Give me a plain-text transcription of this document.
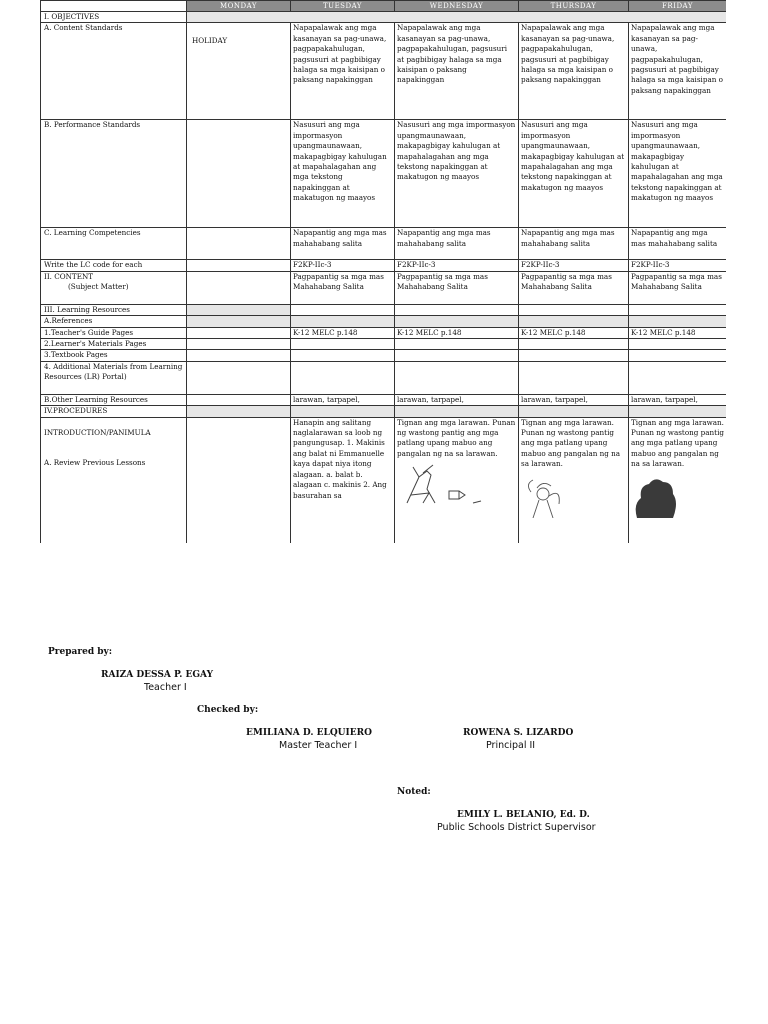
	MONDAY	TUESDAY	WEDNESDAY	THURSDAY	FRIDAY
I. OBJECTIVES					
A. Content Standards	HOLIDAY	Napapalawak ang mga kasanayan sa pag-unawa, pagpapakahulugan, pagsusuri at pagbibigay halaga sa mga kaisipan o paksang napakinggan	Napapalawak ang mga kasanayan sa pag-unawa, pagpapakahulugan, pagsusuri at pagbibigay halaga sa mga kaisipan o paksang napakinggan	Napapalawak ang mga kasanayan sa pag-unawa, pagpapakahulugan, pagsusuri at pagbibigay halaga sa mga kaisipan o paksang napakinggan	Napapalawak ang mga kasanayan sa pag-unawa, pagpapakahulugan, pagsusuri at pagbibigay halaga sa mga kaisipan o paksang napakinggan
B. Performance Standards		Nasusuri ang mga impormasyon upangmaunawaan, makapagbigay kahulugan at mapahalagahan ang mga tekstong napakinggan at makatugon ng maayos	Nasusuri ang mga impormasyon upangmaunawaan, makapagbigay kahulugan at mapahalagahan ang mga tekstong napakinggan at makatugon ng maayos	Nasusuri ang mga impormasyon upangmaunawaan, makapagbigay kahulugan at mapahalagahan ang mga tekstong napakinggan at makatugon ng maayos	Nasusuri ang mga impormasyon upangmaunawaan, makapagbigay kahulugan at mapahalagahan ang mga tekstong napakinggan at makatugon ng maayos
C. Learning Competencies		Napapantig ang mga mas mahahabang salita	Napapantig ang mga mas mahahabang salita	Napapantig ang mga mas mahahabang salita	Napapantig ang mga mas mahahabang salita
Write the LC code for each		F2KP-IIc-3	F2KP-IIc-3	F2KP-IIc-3	F2KP-IIc-3

II. CONTENT
(Subject Matter)		Pagpapantig sa mga mas Mahahabang Salita	Pagpapantig sa mga mas Mahahabang Salita	Pagpapantig sa mga mas Mahahabang Salita	Pagpapantig sa mga mas Mahahabang Salita
III. Learning Resources					
A.References					
1.Teacher's Guide Pages		K-12 MELC p.148	K-12 MELC p.148	K-12 MELC p.148	K-12 MELC p.148
2.Learner's Materials Pages					
3.Textbook Pages					
4. Additional Materials from Learning Resources (LR) Portal)					
B.Other Learning Resources		larawan, tarpapel,	larawan, tarpapel,	larawan, tarpapel,	larawan, tarpapel,
IV.PROCEDURES					

INTRODUCTION/PANIMULA
A. Review Previous Lessons		Hanapin ang salitang naglalarawan sa loob ng pangungusap. 1. Makinis ang balat ni Emmanuelle kaya dapat niya itong alagaan. a. balat b. alagaan c. makinis 2. Ang basurahan sa	Tignan ang mga larawan. Punan ng wastong pantig ang mga patlang upang mabuo ang pangalan ng na sa larawan.	Tignan ang mga larawan. Punan ng wastong pantig ang mga patlang upang mabuo ang pangalan ng na sa larawan.	Tignan ang mga larawan. Punan ng wastong pantig ang mga patlang upang mabuo ang pangalan ng na sa larawan.
Prepared by:
RAIZA DESSA P. EGAY
Teacher I
Checked by:
EMILIANA D. ELQUIERO
Master Teacher I
ROWENA S. LIZARDO
Principal II
Noted:
EMILY L. BELANIO, Ed. D.
Public Schools District Supervisor
